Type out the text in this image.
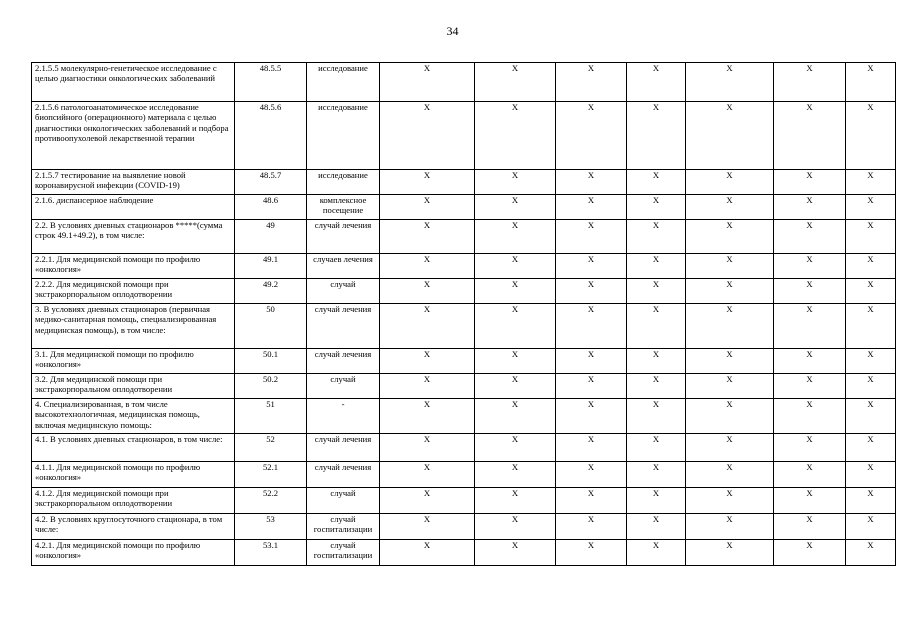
34
2.1.5.5 молекулярно-генетическое исследование с целью диагностики онкологических заболеваний	48.5.5	исследование	X	X	X	X	X	X	X
2.1.5.6 патологоанатомическое исследование биопсийного (операционного) материала с целью диагностики онкологических заболеваний и подбора противоопухолевой лекарственной терапии	48.5.6	исследование	X	X	X	X	X	X	X
2.1.5.7 тестирование на выявление новой коронавирусной инфекции (COVID-19)	48.5.7	исследование	X	X	X	X	X	X	X
2.1.6. диспансерное наблюдение	48.6	комплексное посещение	X	X	X	X	X	X	X
2.2. В условиях дневных стационаров *****(сумма строк 49.1+49.2), в том числе:	49	случай лечения	X	X	X	X	X	X	X
2.2.1. Для медицинской помощи по профилю «онкология»	49.1	случаев лечения	X	X	X	X	X	X	X
2.2.2. Для медицинской помощи при экстракорпоральном оплодотворении	49.2	случай	X	X	X	X	X	X	X
3. В условиях дневных стационаров (первичная медико-санитарная помощь, специализированная медицинская помощь), в том числе:	50	случай лечения	X	X	X	X	X	X	X
3.1. Для медицинской помощи по профилю «онкология»	50.1	случай лечения	X	X	X	X	X	X	X
3.2. Для медицинской помощи при экстракорпоральном оплодотворении	50.2	случай	X	X	X	X	X	X	X
4. Специализированная, в том числе высокотехнологичная, медицинская помощь, включая медицинскую помощь:	51	-	X	X	X	X	X	X	X
4.1. В условиях дневных стационаров, в том числе:	52	случай лечения	X	X	X	X	X	X	X
4.1.1. Для медицинской помощи по профилю «онкология»	52.1	случай лечения	X	X	X	X	X	X	X
4.1.2. Для медицинской помощи при экстракорпоральном оплодотворении	52.2	случай	X	X	X	X	X	X	X
4.2. В условиях круглосуточного стационара, в том числе:	53	случай госпитализации	X	X	X	X	X	X	X
4.2.1. Для медицинской помощи по профилю «онкология»	53.1	случай госпитализации	X	X	X	X	X	X	X
